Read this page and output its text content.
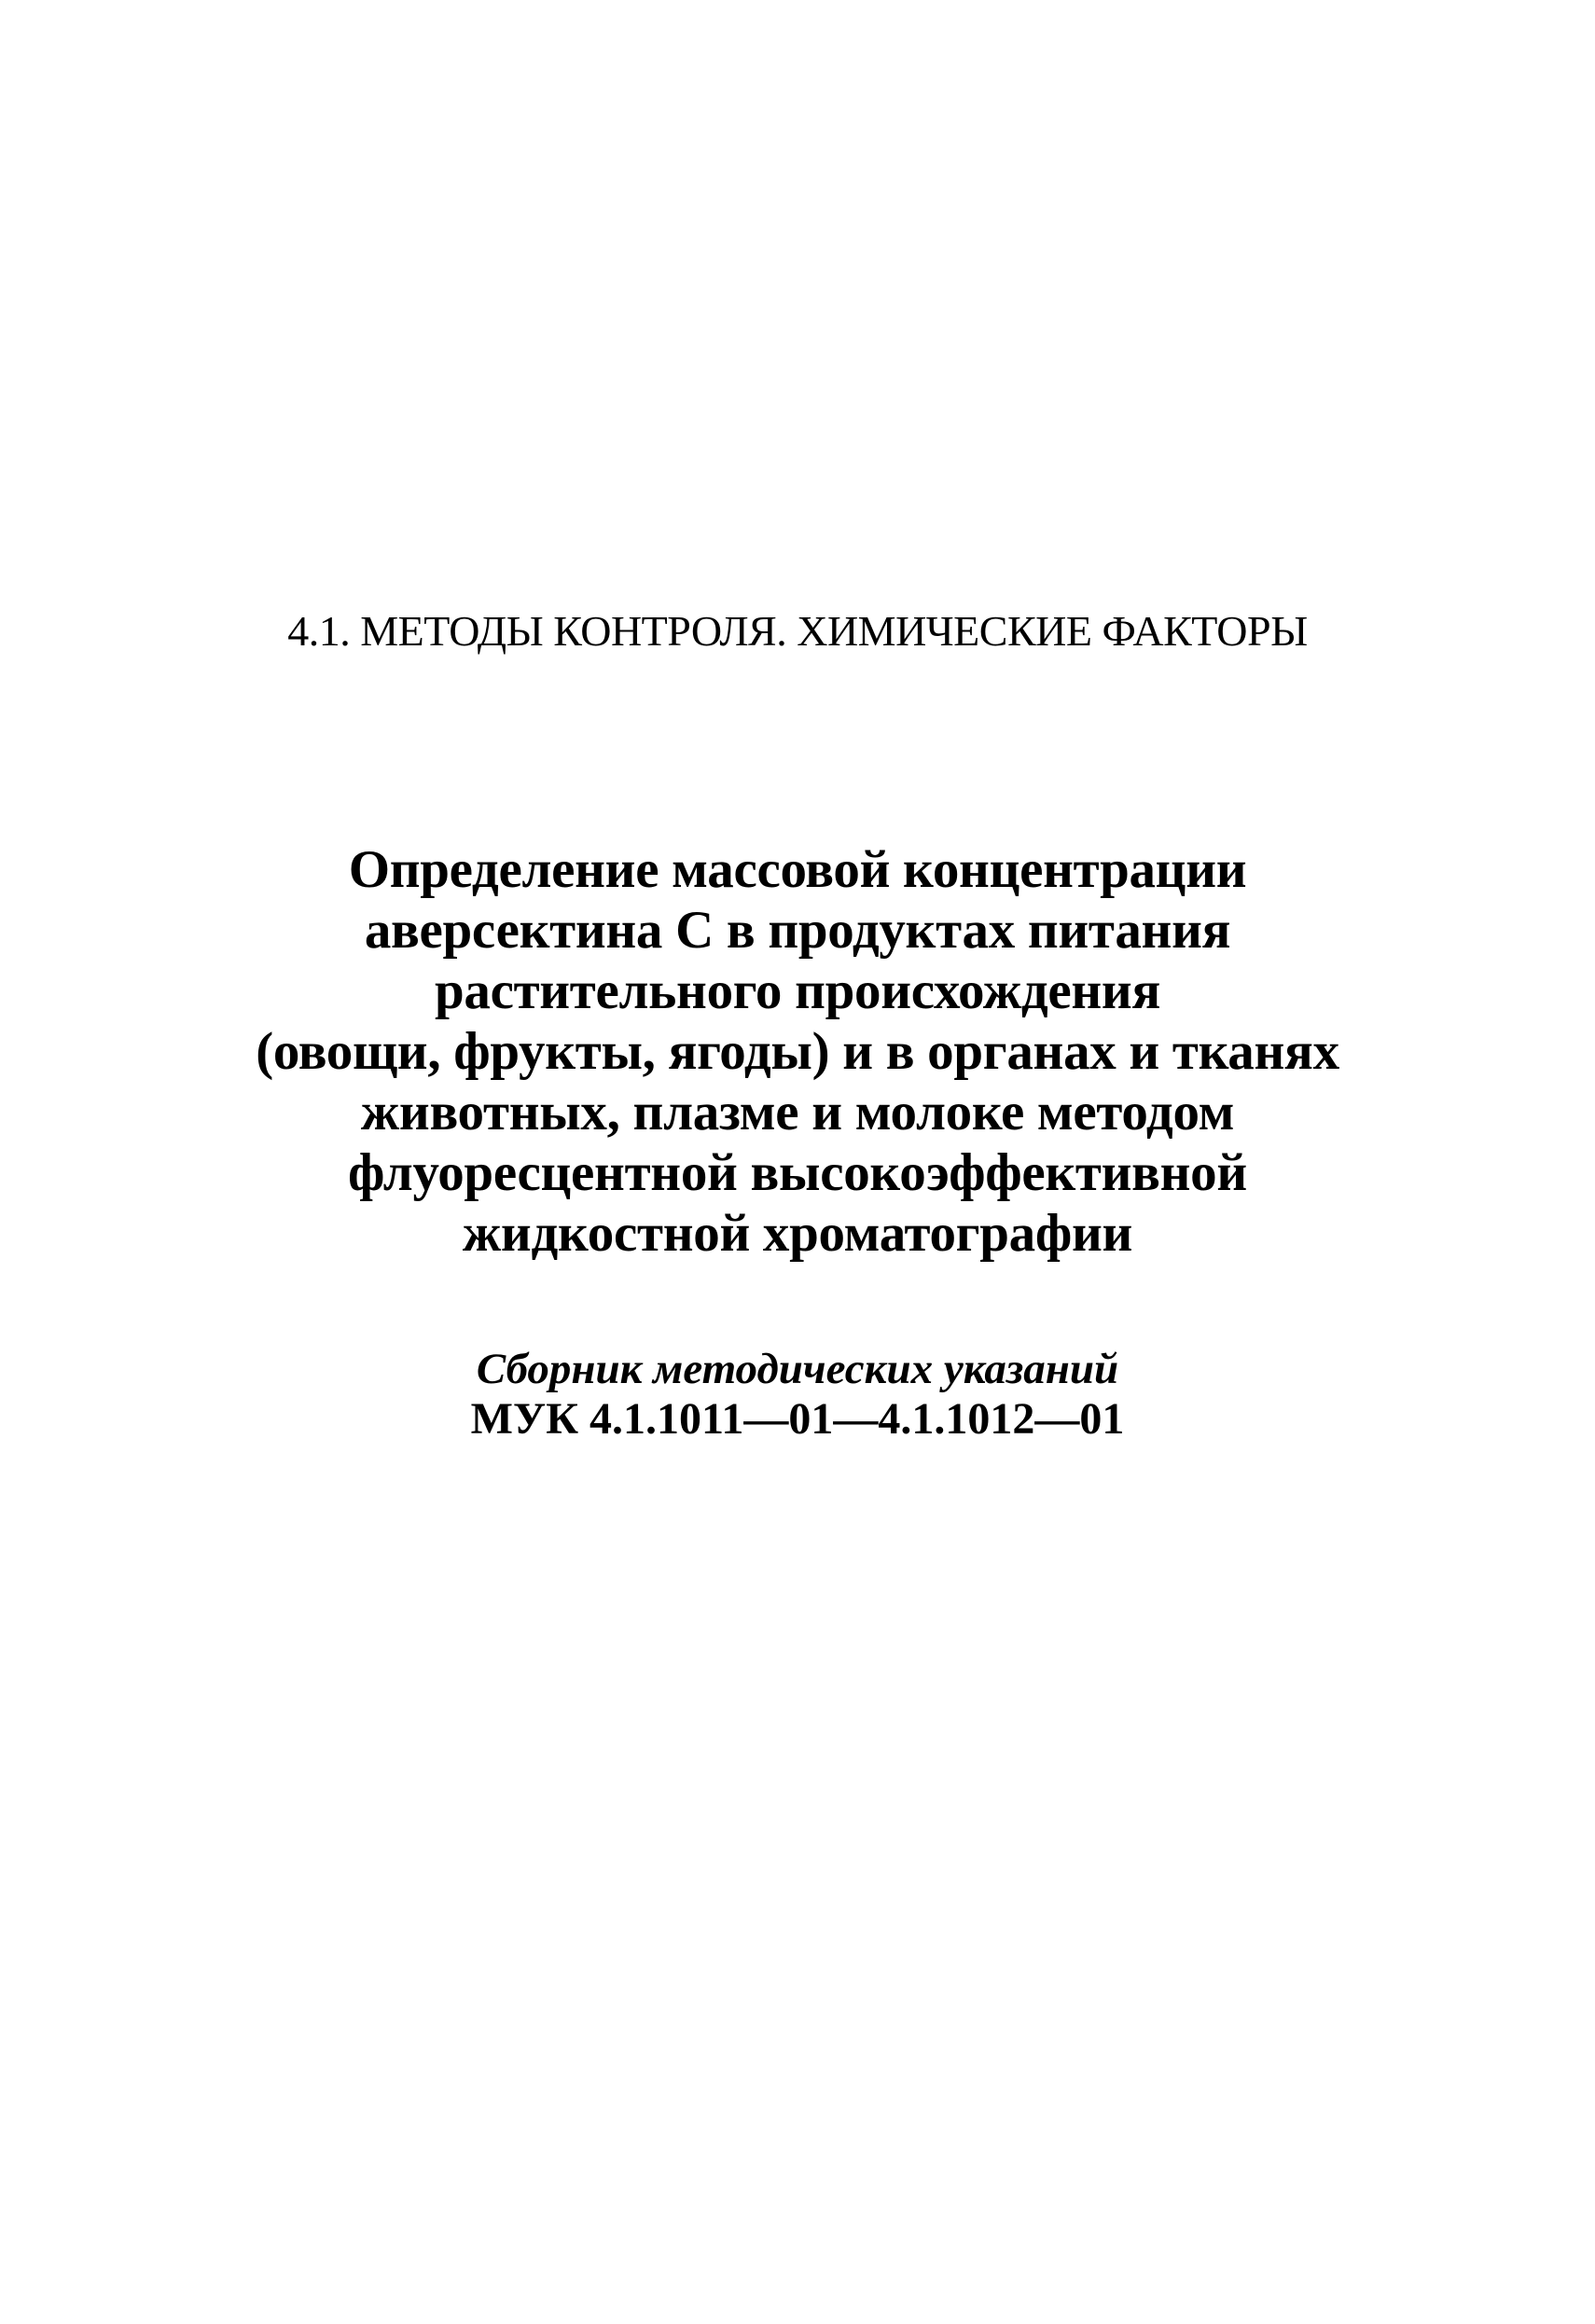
4.1. МЕТОДЫ КОНТРОЛЯ. ХИМИЧЕСКИЕ ФАКТОРЫ
Определение массовой концентрации
аверсектина С в продуктах питания
растительного происхождения
(овощи, фрукты, ягоды) и в органах и тканях
животных, плазме и молоке методом
флуоресцентной высокоэффективной
жидкостной хроматографии
Сборник методических указаний
МУК 4.1.1011—01—4.1.1012—01
